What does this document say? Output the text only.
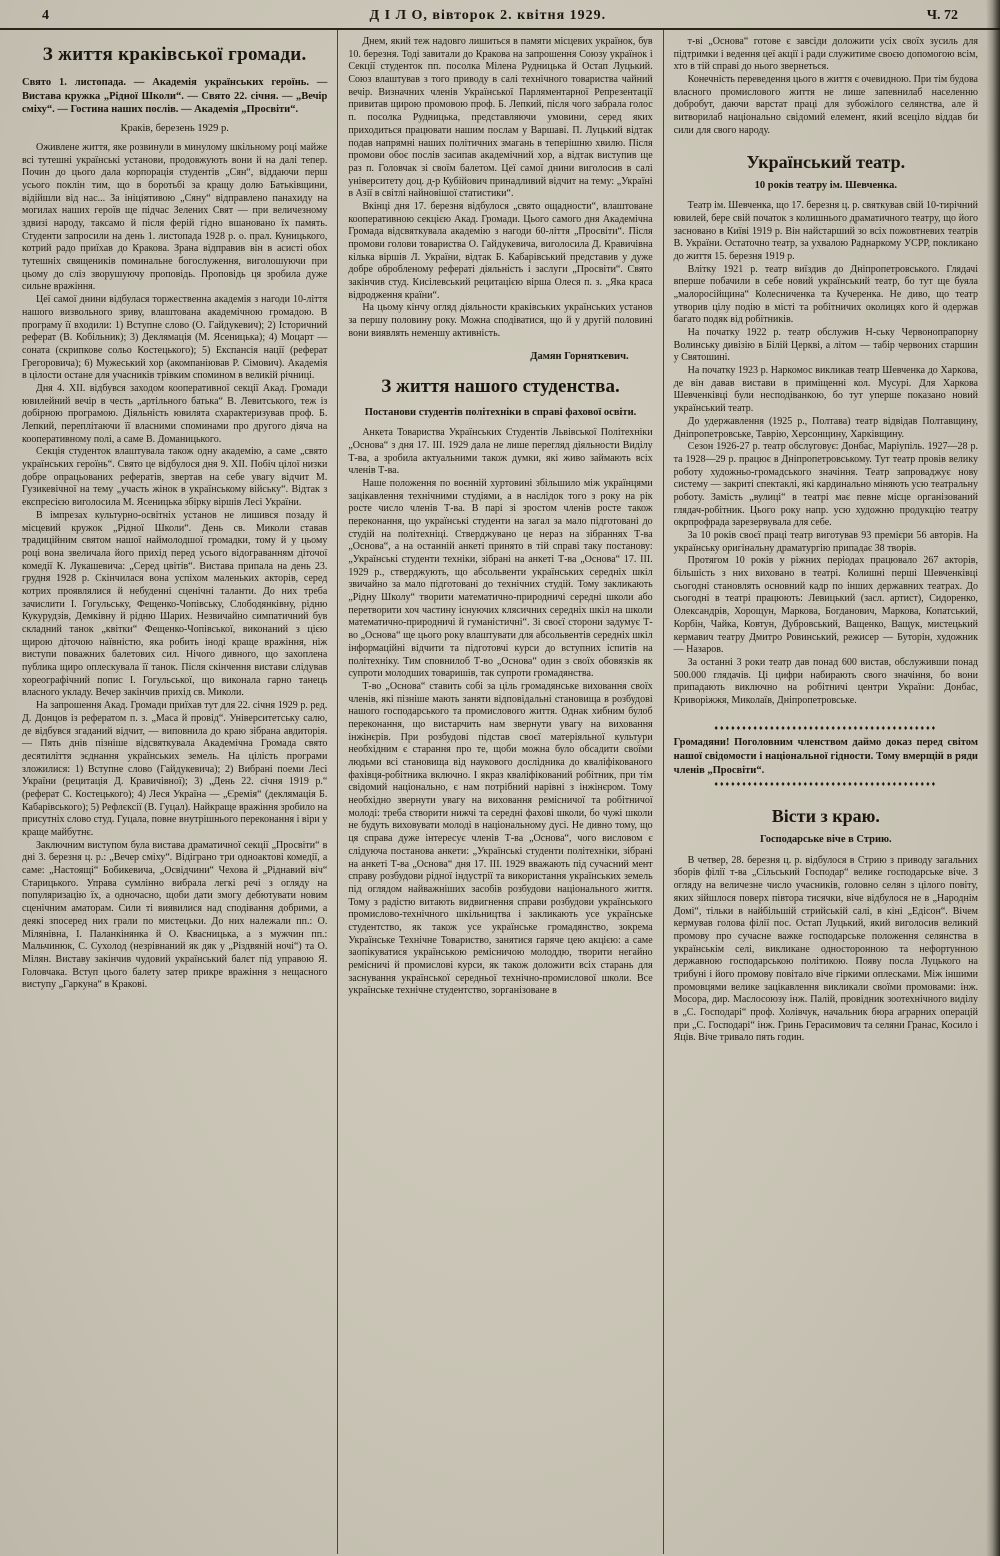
4	Д І Л О, вівторок 2. квітня 1929.	Ч. 72
З життя краківської громади.

Свято 1. листопада. — Академія українських героїнь. — Вистава кружка „Рідної Школи“. — Свято 22. січня. — „Вечір сміху“. — Гостина наших послів. — Академія „Просвіти“.

Краків, березень 1929 р.

Оживлене життя, яке розвинули в минулому шкільному році майже всі тутешні українські установи, продовжують вони й на далі тепер. Почин до цього дала корпорація студентів „Сян“, віддаючи перш усього поклін тим, що в боротьбі за кращу долю Батьківщини, відійшли від нас... За ініціятивою „Сяну“ відправлено панахиду на могилах наших героїв ще підчас Зелених Свят — при величезному здвизі народу, таксамо й після ферій гідно вшановано їх память. Студенти запросили на день 1. листопада 1928 р. о. прал. Куницького, котрий радо приїхав до Кракова. Зрана відправив він в асисті обох тутешніх священиків поминальне богослуження, виголошуючи при цьому до сліз зворушуючу проповідь. Проповідь ця зробила дуже сильне вражіння.

Цеї самої днини відбулася торжественна академія з нагоди 10-ліття нашого визвольного зриву, влаштована академічною громадою. В програму її входили: 1) Вступне слово (О. Гайдукевич); 2) Історичний реферат (В. Кобільник); 3) Деклямація (М. Ясеницька); 4) Моцарт — соната (скрипкове сольо Костецького); 5) Експансія нації (реферат Грегоровича); 6) Мужеський хор (акомпаніював Р. Сімович). Академія в цілости остане для учасників трівким спомином в великій річниці.

Дня 4. XII. відбувся заходом кооперативної секції Акад. Громади ювилейний вечір в честь „артільного батька“ В. Левитського, теж із добірною програмою. Діяльність ювилята схарактеризував проф. Б. Лепкий, переплітаючи її власними споминами про другого діяча на кооперативному полі, а саме В. Доманицького.

Секція студенток влаштувала також одну академію, а саме „свято українських героїнь“. Свято це відбулося дня 9. XII. Побіч цілої низки добре опрацьованих рефератів, звертав на себе увагу відчит М. Гузикевічної на тему „участь жінок в українському війську“. Відтак з експресією виголосила М. Ясеницька збірку віршів Лесі України.

В імпрезах культурно-освітніх установ не лишився позаду й місцевий кружок „Рідної Школи“. День св. Миколи ставав традиційним святом нашої наймолодшої громадки, тому й у цьому році вона звеличала його прихід перед усього відограванням діточої комедії К. Лукашевича: „Серед цвітів“. Вистава припала на день 23. грудня 1928 р. Скінчилася вона успіхом маленьких акторів, серед котрих проявлялися й небуденні сценічні таланти. До них треба зачислити І. Гогульську, Фещенко-Чопівську, Слободянківну, рідню Кукурудзів, Демківну й рідню Шарих. Незвичайно симпатичний був складний танок „квітки“ Фещенко-Чопівської, виконаний з цією щирою діточою наївністю, яка робить іноді краще вражіння, ніж виступи поважних балетових сил. Нічого дивного, що захоплена публика щиро оплескувала її танок. Після скінчення вистави слідував хореографічний попис І. Гогульської, що виконала гарно танець власного укладу. Вечер закінчив прихід св. Миколи.

На запрошення Акад. Громади приїхав тут для 22. січня 1929 р. ред. Д. Донцов із рефератом п. з. „Маса й провід“. Університетську салю, де відбувся згаданий відчит, — виповнила до краю зібрана авдиторія. — Пять днів пізніше відсвяткувала Академічна Громада свято десятиліття зєднання українських земель. На цілість програми зложилися: 1) Вступне слово (Гайдукевича); 2) Вибрані поеми Лесі України (рецитація Д. Кравичівної); 3) „День 22. січня 1919 р.“ (реферат С. Костецького); 4) Леся Україна — „Єремія“ (деклямація Б. Кабарівського); 5) Рефлєксії (В. Гуцал). Найкраще вражіння зробило на присутніх слово студ. Гуцала, повне внутрішнього переконання і віри у краще майбутнє.

Заключним виступом була вистава драматичної секції „Просвіти“ в дні 3. березня ц. р.: „Вечер сміху“. Відіграно три одноактові комедії, а саме: „Настоящі“ Бобикевича, „Освідчини“ Чехова й „Ріднавий віч“ Старицького. Управа сумлінно вибрала легкі речі з огляду на популяризацію їх, а одночасно, щоби дати змогу дебютувати новим сценічним аматорам. Сили ті виявилися над сподівання добрими, а деякі зпосеред них грали по мистецьки. До них належали пп.: О. Мілянівна, І. Паланкінянка й О. Квасницька, а з мужчин пп.: Мальчинюк, С. Сухолод (незрівнаний як дяк у „Різдвяній ночі“) та О. Мілян. Виставу закінчив чудовий український балєт під управою Я. Головчака. Вступ цього балету затер прикре вражіння з нещасного виступу „Гаркуна“ в Кракові.

Днем, який теж надовго лишиться в памяти місцевих українок, був 10. березня. Тоді завитали до Кракова на запрошення Союзу українок і Секції студенток пп. посолка Мілена Рудницька й Остап Луцький. Союз влаштував з того приводу в салі технічного товариства чайний вечір. Визначних членів Української Парляментарної Репрезентації привитав щирою промовою проф. Б. Лепкий, після чого забрала голос п. посолка Рудницька, представляючи умовини, серед яких приходиться працювати нашим послам у Варшаві. П. Луцький відтак подав напрямні наших політичних змагань в теперішню хвилю. Після промови обоє послів засипав академічний хор, а відтак виступив ще раз п. Головчак зі своїм балетом. Цеї самої днини виголосив в салі університету доц. д-р Кубійович принадливий відчит на тему: „Україні в Азії в світлі найновішої статистики“.

Вкінці дня 17. березня відбулося „свято ощадности“, влаштоване кооперативною секцією Акад. Громади. Цього самого дня Академічна Громада відсвяткувала академію з нагоди 60-ліття „Просвіти“. Після промови голови товариства О. Гайдукевича, виголосила Д. Кравичівна кілька віршів Л. України, відтак Б. Кабарівський представив у дуже добре обробленому рефераті діяльність і заслуги „Просвіти“. Свято закінчив студ. Кисілевський рецитацією вірша Олеся п. з. „Яка краса відродження країни“.

На цьому кінчу огляд діяльности краківських українських установ за першу половину року. Можна сподіватися, що й у другій половині вони виявлять неменшу активність.

Дамян Горняткевич.

З життя нашого студенства.

Постанови студентів політехніки в справі фахової освіти.

Анкета Товариства Українських Студентів Львівської Політехніки „Основа“ з дня 17. ІІІ. 1929 дала не лише перегляд діяльности Виділу Т-ва, а зробила актуальними також думки, які живо займають всіх членів Т-ва.

Наше положення по воєнній хуртовині збільшило між українцями зацікавлення технічними студіями, а в наслідок того з року на рік росте число членів Т-ва. В парі зі зростом членів росте також переконання, що українські студенти на загал за мало підготовані до студій на політехніці. Стверджувано це нераз на зібраннях Т-ва „Основа“, а на останній анкеті принято в тій справі таку постанову: „Українські студенти техніки, зібрані на анкеті Т-ва „Основа“ 17. ІІІ. 1929 р., стверджують, що абсольвенти українських середніх шкіл звичайно за мало підготовані до технічних студій. Тому закликають „Рідну Школу“ творити математично-природничі середні школи або перетворити хоч частину існуючих клясичних середніх шкіл на школи математично-природничі й гуманістичні“. Зі своєї сторони задумує Т-во „Основа“ ще цього року влаштувати для абсольвентів середніх шкіл інформаційні відчити та підготовчі курси до вступних іспитів на політехніку. Тим сповнилоб Т-во „Основа“ один з своїх обовязків як супроти молодших товаришів, так супроти громадянства.

Т-во „Основа“ ставить собі за ціль громадянське виховання своїх членів, які пізніше мають заняти відповідальні становища в розбудові нашого господарського та промислового життя. Однак хибним булоб переконання, що вистарчить нам звернути увагу на виховання інжінєрів. При розбудові підстав своєї матеріяльної культури необхідним є старання про те, щоби можна було обсадити своїми людьми всі становища від наукового дослідника до кваліфікованого фахівця-робітника включно. І якраз кваліфікований робітник, при тім свідомий національно, є нам потрібний нарівні з інжінєром. Тому необхідно звернути увагу на виховання ремісничої та робітничої молоді: треба створити нижчі та середні фахові школи, бо чужі школи не будуть виховувати молоді в національному дусі. Не дивно тому, що ця справа дуже інтересує членів Т-ва „Основа“, чого висловом є слідуюча постанова анкети: „Українські студенти політехніки, зібрані на анкеті Т-ва „Основа“ дня 17. ІІІ. 1929 вважають під сучасний мент справу розбудови рідної індустрії та використання українських земель під оглядом найважніших засобів розбудови національного життя. Тому з радістю витають видвигнення справи розбудови українського промислово-технічного шкільництва і закликають усе українське студентство, як також усе українське громадянство, зокрема Українське Технічне Товариство, занятися гаряче цею акцією: а саме заопікуватися українською ремісничою молоддю, творити негайно ремісничі й промислові курси, як також доложити всіх старань для заснування української середньої технічно-промислової школи. Все українське технічне студентство, зорганізоване в

т-ві „Основа“ готове є завсіди доложити усіх своїх зусиль для підтримки і ведення цеї акції і ради служитиме своєю допомогою всім, хто в тій справі до нього звернеться.

Конечність переведення цього в життя є очевидною. При тім будова власного промислового життя не лише запевнилаб населенню добробут, даючи варстат праці для зубожілого селянства, але й витворилаб національно свідомий елемент, який всеціло віддав би сили для свого народу.

Український театр.

10 років театру ім. Шевченка.

Театр ім. Шевченка, що 17. березня ц. р. святкував свій 10-тирічний ювилей, бере свій початок з колишнього драматичного театру, що його засновано в Київі 1919 р. Він найстарший зо всіх пожовтневих театрів В. України. Остаточно театр, за ухвалою Раднаркому УСРР, покликано до життя 15. березня 1919 р.

Влітку 1921 р. театр виїздив до Дніпропетровського. Глядачі вперше побачили в себе новий український театр, бо тут ще буяла „малоросійщина“ Колесниченка та Кучеренка. Не диво, що театр утворив цілу подію в місті та робітничих околицях кого й одержав багато подяк від робітників.

На початку 1922 р. театр обслужив Н-ську Червонопрапорну Волинську дивізію в Білій Церкві, а літом — табір червоних старшин у Святошині.

На початку 1923 р. Наркомос викликав театр Шевченка до Харкова, де він давав вистави в приміщенні кол. Мусурі. Для Харкова Шевченківці були несподіванкою, бо тут уперше показано новий український театр.

До удержавлення (1925 р., Полтава) театр відвідав Полтавщину, Дніпропетровське, Таврію, Херсонщину, Харківщину.

Сезон 1926-27 р. театр обслуговує: Донбас, Маріупіль. 1927—28 р. та 1928—29 р. працює в Дніпропетровському. Тут театр провів велику роботу художньо-громадського значіння. Театр запроваджує нову систему — закриті спектаклі, які кардинально міняють усю театральну роботу. Замість „вулиці“ в театрі має певне місце організований глядач-робітник. Цього року напр. усю художню продукцію театру окрпрофрада зарезервувала для себе.

За 10 років своєї праці театр виготував 93 премієри 56 авторів. На українську оригінальну драматургію припадає 38 творів.

Протягом 10 років у ріжних періодах працювало 267 акторів, більшість з них виховано в театрі. Колишні перші Шевченківці сьогодні становлять основний кадр по інших державних театрах. До сьогодні в театрі працюють: Левицький (засл. артист), Сидоренко, Олександрів, Хорощун, Маркова, Богданович, Маркова, Копатський, Корбін, Чайка, Ковтун, Дубровський, Ващенко, Ващук, мистецький кермавич театру Дмитро Ровинський, режисер — Буторін, художник — Назаров.

За останні 3 роки театр дав понад 600 вистав, обслуживши понад 500.000 глядачів. Ці цифри набирають свого значіння, бо вони припадають виключно на робітничі центри України: Донбас, Криворіжжя, Миколаїв, Дніпропетровське.

♦♦♦♦♦♦♦♦♦♦♦♦♦♦♦♦♦♦♦♦♦♦♦♦♦♦♦♦♦♦♦♦♦♦♦♦♦♦♦♦

Громадяни! Поголовним членством даймо доказ перед світом нашої свідомости і національної гідности. Тому вмерщій в ряди членів „Просвіти“.

♦♦♦♦♦♦♦♦♦♦♦♦♦♦♦♦♦♦♦♦♦♦♦♦♦♦♦♦♦♦♦♦♦♦♦♦♦♦♦♦
Вісти з краю.

Господарське віче в Стрию.

В четвер, 28. березня ц. р. відбулося в Стрию з приводу загальних зборів філії т-ва „Сільський Господар“ велике господарське віче. З огляду на величезне число учасників, головно селян з цілого повіту, яких зійшлося поверх півтора тисячки, віче відбулося не в „Народнім Домі“, тільки в найбільшій стрийській салі, в кіні „Едісон“. Вічем кермував голова філії пос. Остап Луцький, який виголосив великий промову про сучасне важке господарське положення селянства в українськім селі, викликане односторонною та нефортунною державною господарською політикою. Появу посла Луцького на трибуні і його промову повітало віче гіркими оплесками. Між іншими промовцями велике зацікавлення викликали своїми промовами: інж. Мосора, дир. Маслосоюзу інж. Палій, провідник зоотехнічного виділу в „С. Господарі“ проф. Холівчук, начальник бюра аграрних операцій при „С. Господарі“ інж. Гринь Герасимович та селяни Гранас, Косило і Яців. Віче тривало пять годин.
